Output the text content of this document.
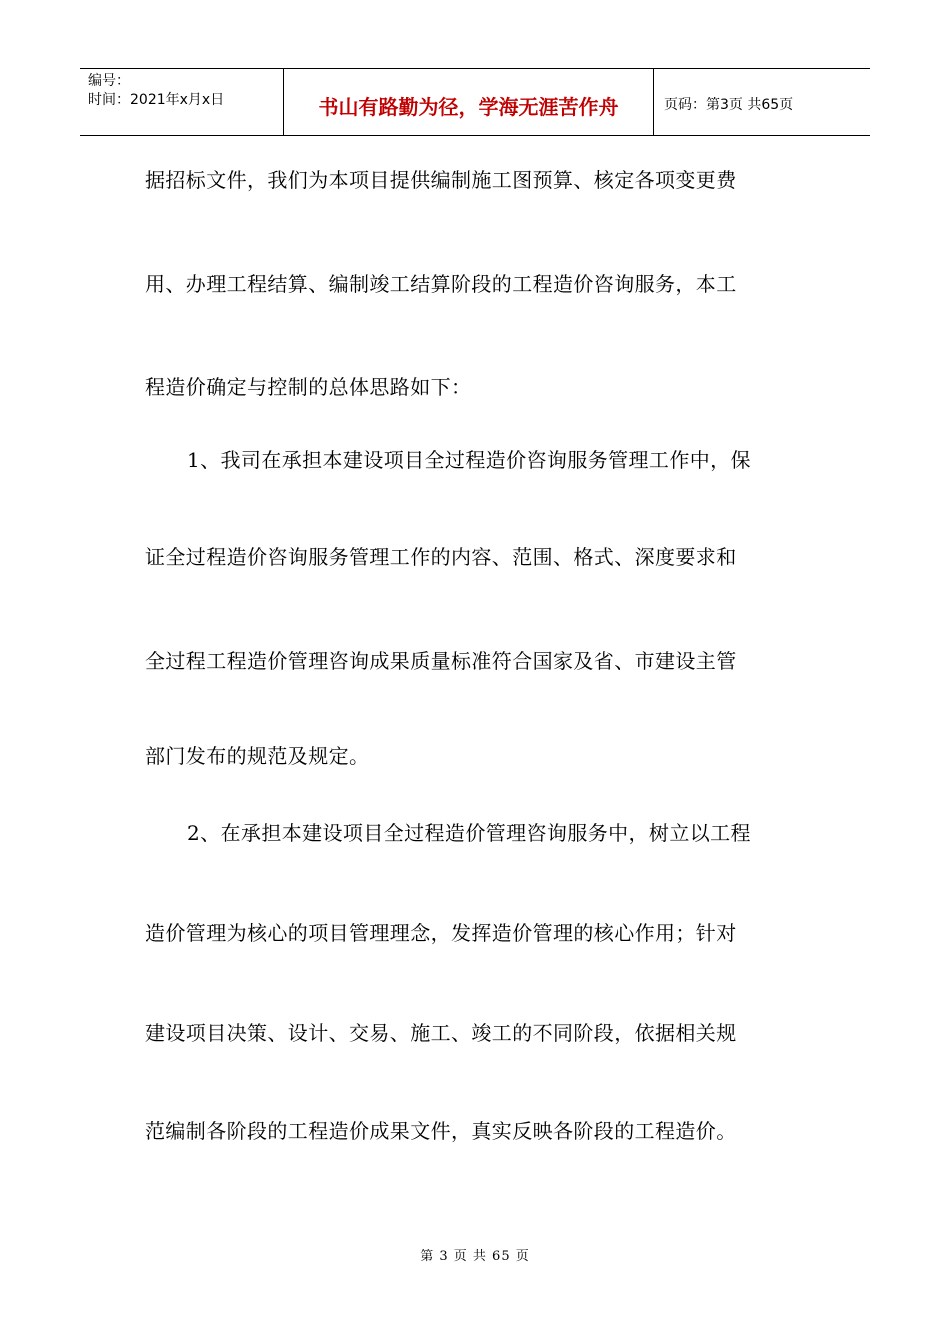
编号：
时间：2021年x月x日	书山有路勤为径，学海无涯苦作舟	页码：第3页 共65页
据招标文件，我们为本项目提供编制施工图预算、核定各项变更费
用、办理工程结算、编制竣工结算阶段的工程造价咨询服务，本工
程造价确定与控制的总体思路如下：
1、我司在承担本建设项目全过程造价咨询服务管理工作中，保
证全过程造价咨询服务管理工作的内容、范围、格式、深度要求和
全过程工程造价管理咨询成果质量标准符合国家及省、市建设主管
部门发布的规范及规定。
2、在承担本建设项目全过程造价管理咨询服务中，树立以工程
造价管理为核心的项目管理理念，发挥造价管理的核心作用；针对
建设项目决策、设计、交易、施工、竣工的不同阶段，依据相关规
范编制各阶段的工程造价成果文件，真实反映各阶段的工程造价。
第 3 页 共 65 页
